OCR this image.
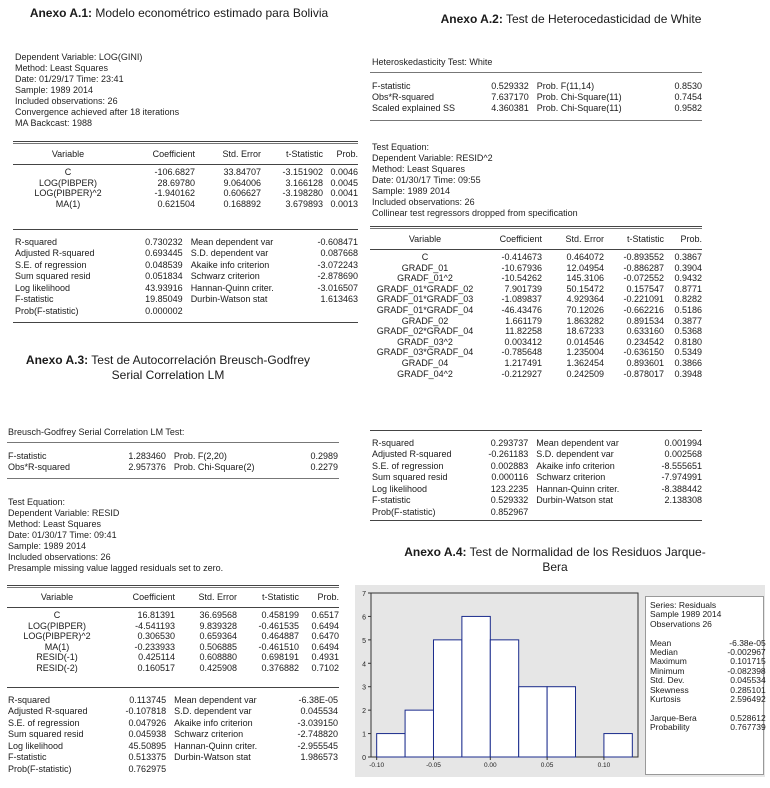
Anexo A.1: Modelo econométrico estimado para Bolivia
Dependent Variable: LOG(GINI)
Method: Least Squares
Date: 01/29/17 Time: 23:41
Sample: 1989 2014
Included observations: 26
Convergence achieved after 18 iterations
MA Backcast: 1988
Variable	Coefficient	Std. Error	t-Statistic	Prob.
C	-106.6827	33.84707	-3.151902	0.0046
LOG(PIBPER)	28.69780	9.064006	3.166128	0.0045
LOG(PIBPER)^2	-1.940162	0.606627	-3.198280	0.0041
MA(1)	0.621504	0.168892	3.679893	0.0013
R-squared	0.730232	Mean dependent var	-0.608471
Adjusted R-squared	0.693445	S.D. dependent var	0.087668
S.E. of regression	0.048539	Akaike info criterion	-3.072243
Sum squared resid	0.051834	Schwarz criterion	-2.878690
Log likelihood	43.93916	Hannan-Quinn criter.	-3.016507
F-statistic	19.85049	Durbin-Watson stat	1.613463
Prob(F-statistic)	0.000002		
Anexo A.2: Test de Heterocedasticidad de White
Heteroskedasticity Test: White
F-statistic	0.529332	Prob. F(11,14)	0.8530
Obs*R-squared	7.637170	Prob. Chi-Square(11)	0.7454
Scaled explained SS	4.360381	Prob. Chi-Square(11)	0.9582
Test Equation:
Dependent Variable: RESID^2
Method: Least Squares
Date: 01/30/17 Time: 09:55
Sample: 1989 2014
Included observations: 26
Collinear test regressors dropped from specification
Variable	Coefficient	Std. Error	t-Statistic	Prob.
C	-0.414673	0.464072	-0.893552	0.3867
GRADF_01	-10.67936	12.04954	-0.886287	0.3904
GRADF_01^2	-10.54262	145.3106	-0.072552	0.9432
GRADF_01*GRADF_02	7.901739	50.15472	0.157547	0.8771
GRADF_01*GRADF_03	-1.089837	4.929364	-0.221091	0.8282
GRADF_01*GRADF_04	-46.43476	70.12026	-0.662216	0.5186
GRADF_02	1.661179	1.863282	0.891534	0.3877
GRADF_02*GRADF_04	11.82258	18.67233	0.633160	0.5368
GRADF_03^2	0.003412	0.014546	0.234542	0.8180
GRADF_03*GRADF_04	-0.785648	1.235004	-0.636150	0.5349
GRADF_04	1.217491	1.362454	0.893601	0.3866
GRADF_04^2	-0.212927	0.242509	-0.878017	0.3948
R-squared	0.293737	Mean dependent var	0.001994
Adjusted R-squared	-0.261183	S.D. dependent var	0.002568
S.E. of regression	0.002883	Akaike info criterion	-8.555651
Sum squared resid	0.000116	Schwarz criterion	-7.974991
Log likelihood	123.2235	Hannan-Quinn criter.	-8.388442
F-statistic	0.529332	Durbin-Watson stat	2.138308
Prob(F-statistic)	0.852967		
Anexo A.3: Test de Autocorrelación Breusch-Godfrey Serial Correlation LM
Breusch-Godfrey Serial Correlation LM Test:
F-statistic	1.283460	Prob. F(2,20)	0.2989
Obs*R-squared	2.957376	Prob. Chi-Square(2)	0.2279
Test Equation:
Dependent Variable: RESID
Method: Least Squares
Date: 01/30/17 Time: 09:41
Sample: 1989 2014
Included observations: 26
Presample missing value lagged residuals set to zero.
Variable	Coefficient	Std. Error	t-Statistic	Prob.
C	16.81391	36.69568	0.458199	0.6517
LOG(PIBPER)	-4.541193	9.839328	-0.461535	0.6494
LOG(PIBPER)^2	0.306530	0.659364	0.464887	0.6470
MA(1)	-0.233933	0.506885	-0.461510	0.6494
RESID(-1)	0.425114	0.608880	0.698191	0.4931
RESID(-2)	0.160517	0.425908	0.376882	0.7102
R-squared	0.113745	Mean dependent var	-6.38E-05
Adjusted R-squared	-0.107818	S.D. dependent var	0.045534
S.E. of regression	0.047926	Akaike info criterion	-3.039150
Sum squared resid	0.045938	Schwarz criterion	-2.748820
Log likelihood	45.50895	Hannan-Quinn criter.	-2.955545
F-statistic	0.513375	Durbin-Watson stat	1.986573
Prob(F-statistic)	0.762975		
Anexo A.4: Test de Normalidad de los Residuos Jarque-Bera
0
1
2
3
4
5
6
7
-0.10	-0.05	0.00	0.05	0.10
Series: Residuals	
Sample 1989 2014	
Observations 26	

Mean	-6.38e-05
Median	-0.002967
Maximum	0.101715
Minimum	-0.082398
Std. Dev.	0.045534
Skewness	0.285101
Kurtosis	2.596492

Jarque-Bera	0.528612
Probability	0.767739
